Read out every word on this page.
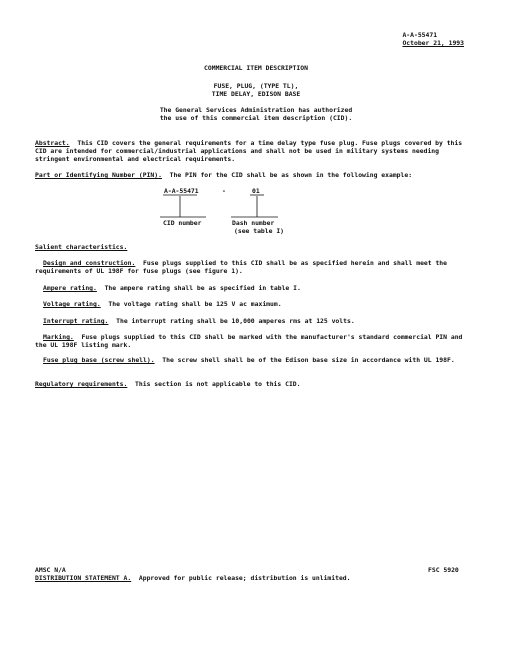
A-A-55471
October 21, 1993
COMMERCIAL ITEM DESCRIPTION
FUSE, PLUG, (TYPE TL),
TIME DELAY, EDISON BASE
The General Services Administration has authorized
the use of this commercial item description (CID).
Abstract. This CID covers the general requirements for a time delay type fuse plug. Fuse plugs covered by this CID are intended for commercial/industrial applications and shall not be used in military systems needing stringent environmental and electrical requirements.
Part or Identifying Number (PIN). The PIN for the CID shall be as shown in the following example:
A-A-55471	-	01
CID number	Dash number
(see table I)
Salient characteristics.
Design and construction. Fuse plugs supplied to this CID shall be as specified herein and shall meet the requirements of UL 198F for fuse plugs (see figure 1).
Ampere rating. The ampere rating shall be as specified in table I.
Voltage rating. The voltage rating shall be 125 V ac maximum.
Interrupt rating. The interrupt rating shall be 10,000 amperes rms at 125 volts.
Marking. Fuse plugs supplied to this CID shall be marked with the manufacturer's standard commercial PIN and the UL 198F listing mark.
Fuse plug base (screw shell). The screw shell shall be of the Edison base size in accordance with UL 198F.
Regulatory requirements. This section is not applicable to this CID.
AMSC N/A
DISTRIBUTION STATEMENT A. Approved for public release; distribution is unlimited.
FSC 5920
